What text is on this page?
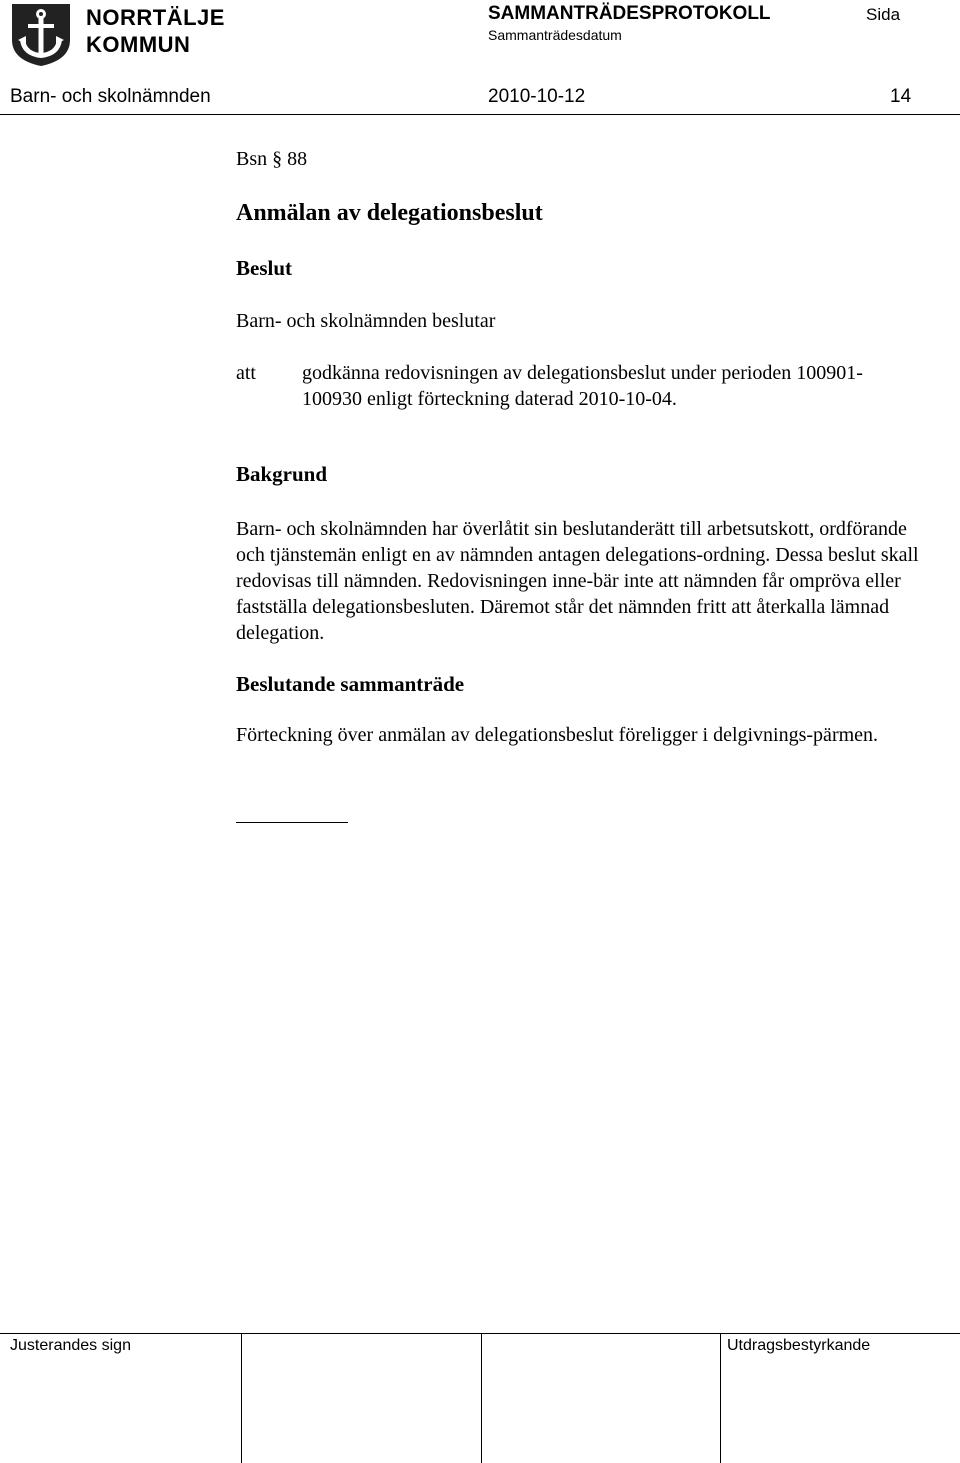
NORRTÄLJE
KOMMUN
SAMMANTRÄDESPROTOKOLL
Sammanträdesdatum
Sida
Barn- och skolnämnden	2010-10-12	14
Bsn § 88
Anmälan av delegationsbeslut
Beslut
Barn- och skolnämnden beslutar
att godkänna redovisningen av delegationsbeslut under perioden 100901-100930 enligt förteckning daterad 2010-10-04.
Bakgrund
Barn- och skolnämnden har överlåtit sin beslutanderätt till arbetsutskott, ordförande och tjänstemän enligt en av nämnden antagen delegations-ordning. Dessa beslut skall redovisas till nämnden. Redovisningen inne-bär inte att nämnden får ompröva eller fastställa delegationsbesluten. Däremot står det nämnden fritt att återkalla lämnad delegation.
Beslutande sammanträde
Förteckning över anmälan av delegationsbeslut föreligger i delgivnings-pärmen.
Justerandes sign	Utdragsbestyrkande
